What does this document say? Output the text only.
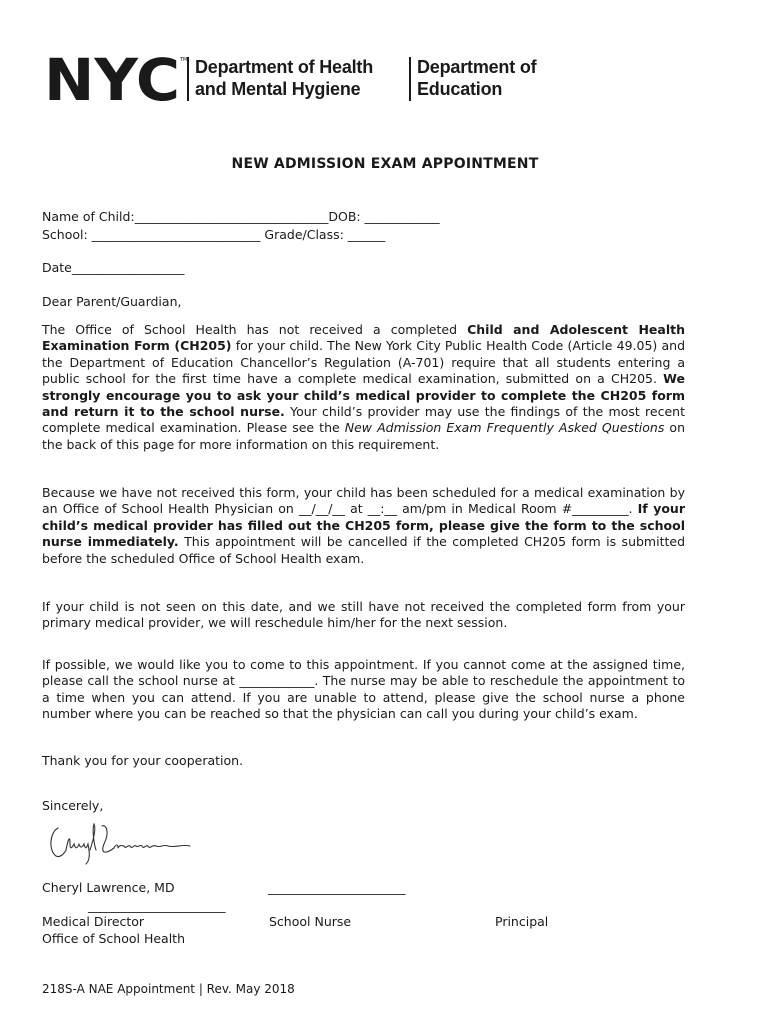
NYC TM Department of Health
and Mental Hygiene
Department of
Education
NEW ADMISSION EXAM APPOINTMENT
Name of Child:_______________________________DOB: ____________
School: ___________________________ Grade/Class: ______
Date__________________
Dear Parent/Guardian,
The Office of School Health has not received a completed Child and Adolescent Health Examination Form (CH205) for your child. The New York City Public Health Code (Article 49.05) and the Department of Education Chancellor’s Regulation (A-701) require that all students entering a public school for the first time have a complete medical examination, submitted on a CH205. We strongly encourage you to ask your child’s medical provider to complete the CH205 form and return it to the school nurse. Your child’s provider may use the findings of the most recent complete medical examination. Please see the New Admission Exam Frequently Asked Questions on the back of this page for more information on this requirement.
Because we have not received this form, your child has been scheduled for a medical examination by an Office of School Health Physician on __/__/__ at __:__ am/pm in Medical Room #_________. If your child’s medical provider has filled out the CH205 form, please give the form to the school nurse immediately. This appointment will be cancelled if the completed CH205 form is submitted before the scheduled Office of School Health exam.
If your child is not seen on this date, and we still have not received the completed form from your primary medical provider, we will reschedule him/her for the next session.
If possible, we would like you to come to this appointment. If you cannot come at the assigned time, please call the school nurse at ____________. The nurse may be able to reschedule the appointment to a time when you can attend. If you are unable to attend, please give the school nurse a phone number where you can be reached so that the physician can call you during your child’s exam.
Thank you for your cooperation.
Sincerely,
Cheryl Lawrence, MD	______________________
______________________
Medical Director	School Nurse	Principal
Office of School Health
218S-A NAE Appointment | Rev. May 2018
